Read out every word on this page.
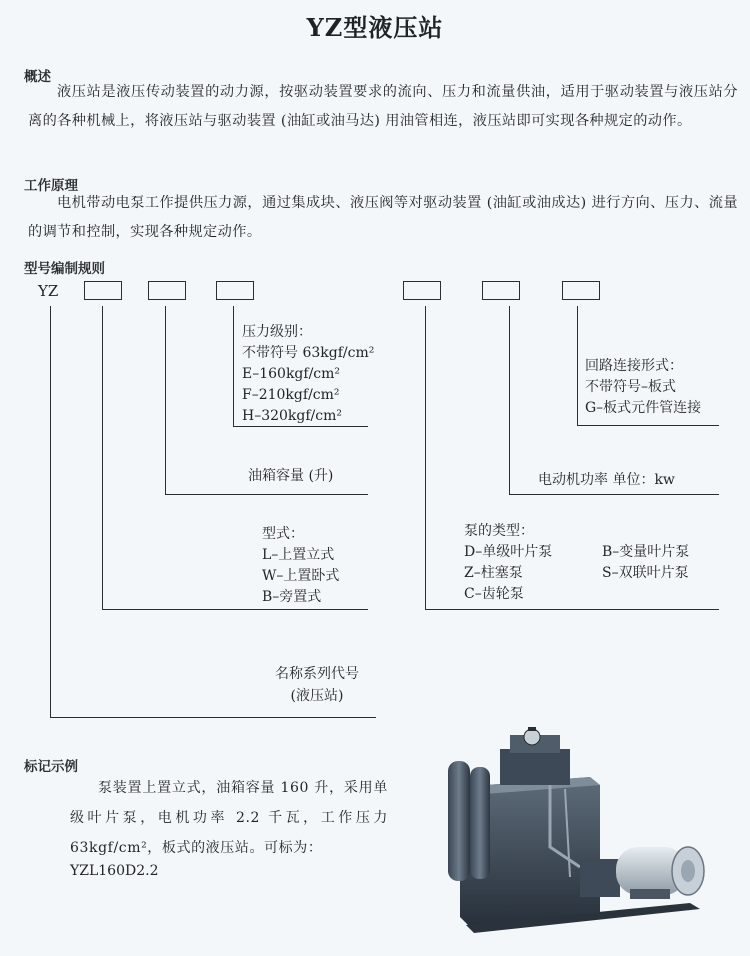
YZ型液压站
概述
液压站是液压传动装置的动力源，按驱动装置要求的流向、压力和流量供油，适用于驱动装置与液压站分离的各种机械上，将液压站与驱动装置 (油缸或油马达) 用油管相连，液压站即可实现各种规定的动作。
工作原理
电机带动电泵工作提供压力源，通过集成块、液压阀等对驱动装置 (油缸或油成达) 进行方向、压力、流量的调节和控制，实现各种规定动作。
型号编制规则
YZ
压力级别：
不带符号 63kgf/cm²
E–160kgf/cm²
F–210kgf/cm²
H–320kgf/cm²
油箱容量 (升)
型式：
L–上置立式
W–上置卧式
B–旁置式
名称系列代号
(液压站)
回路连接形式：
不带符号–板式
G–板式元件管连接
电动机功率 单位：kw
泵的类型：
D–单级叶片泵
Z–柱塞泵
C–齿轮泵
B–变量叶片泵
S–双联叶片泵
标记示例
泵装置上置立式，油箱容量 160 升，采用单级叶片泵，电机功率 2.2 千瓦，工作压力 63kgf/cm²，板式的液压站。可标为：
YZL160D2.2
